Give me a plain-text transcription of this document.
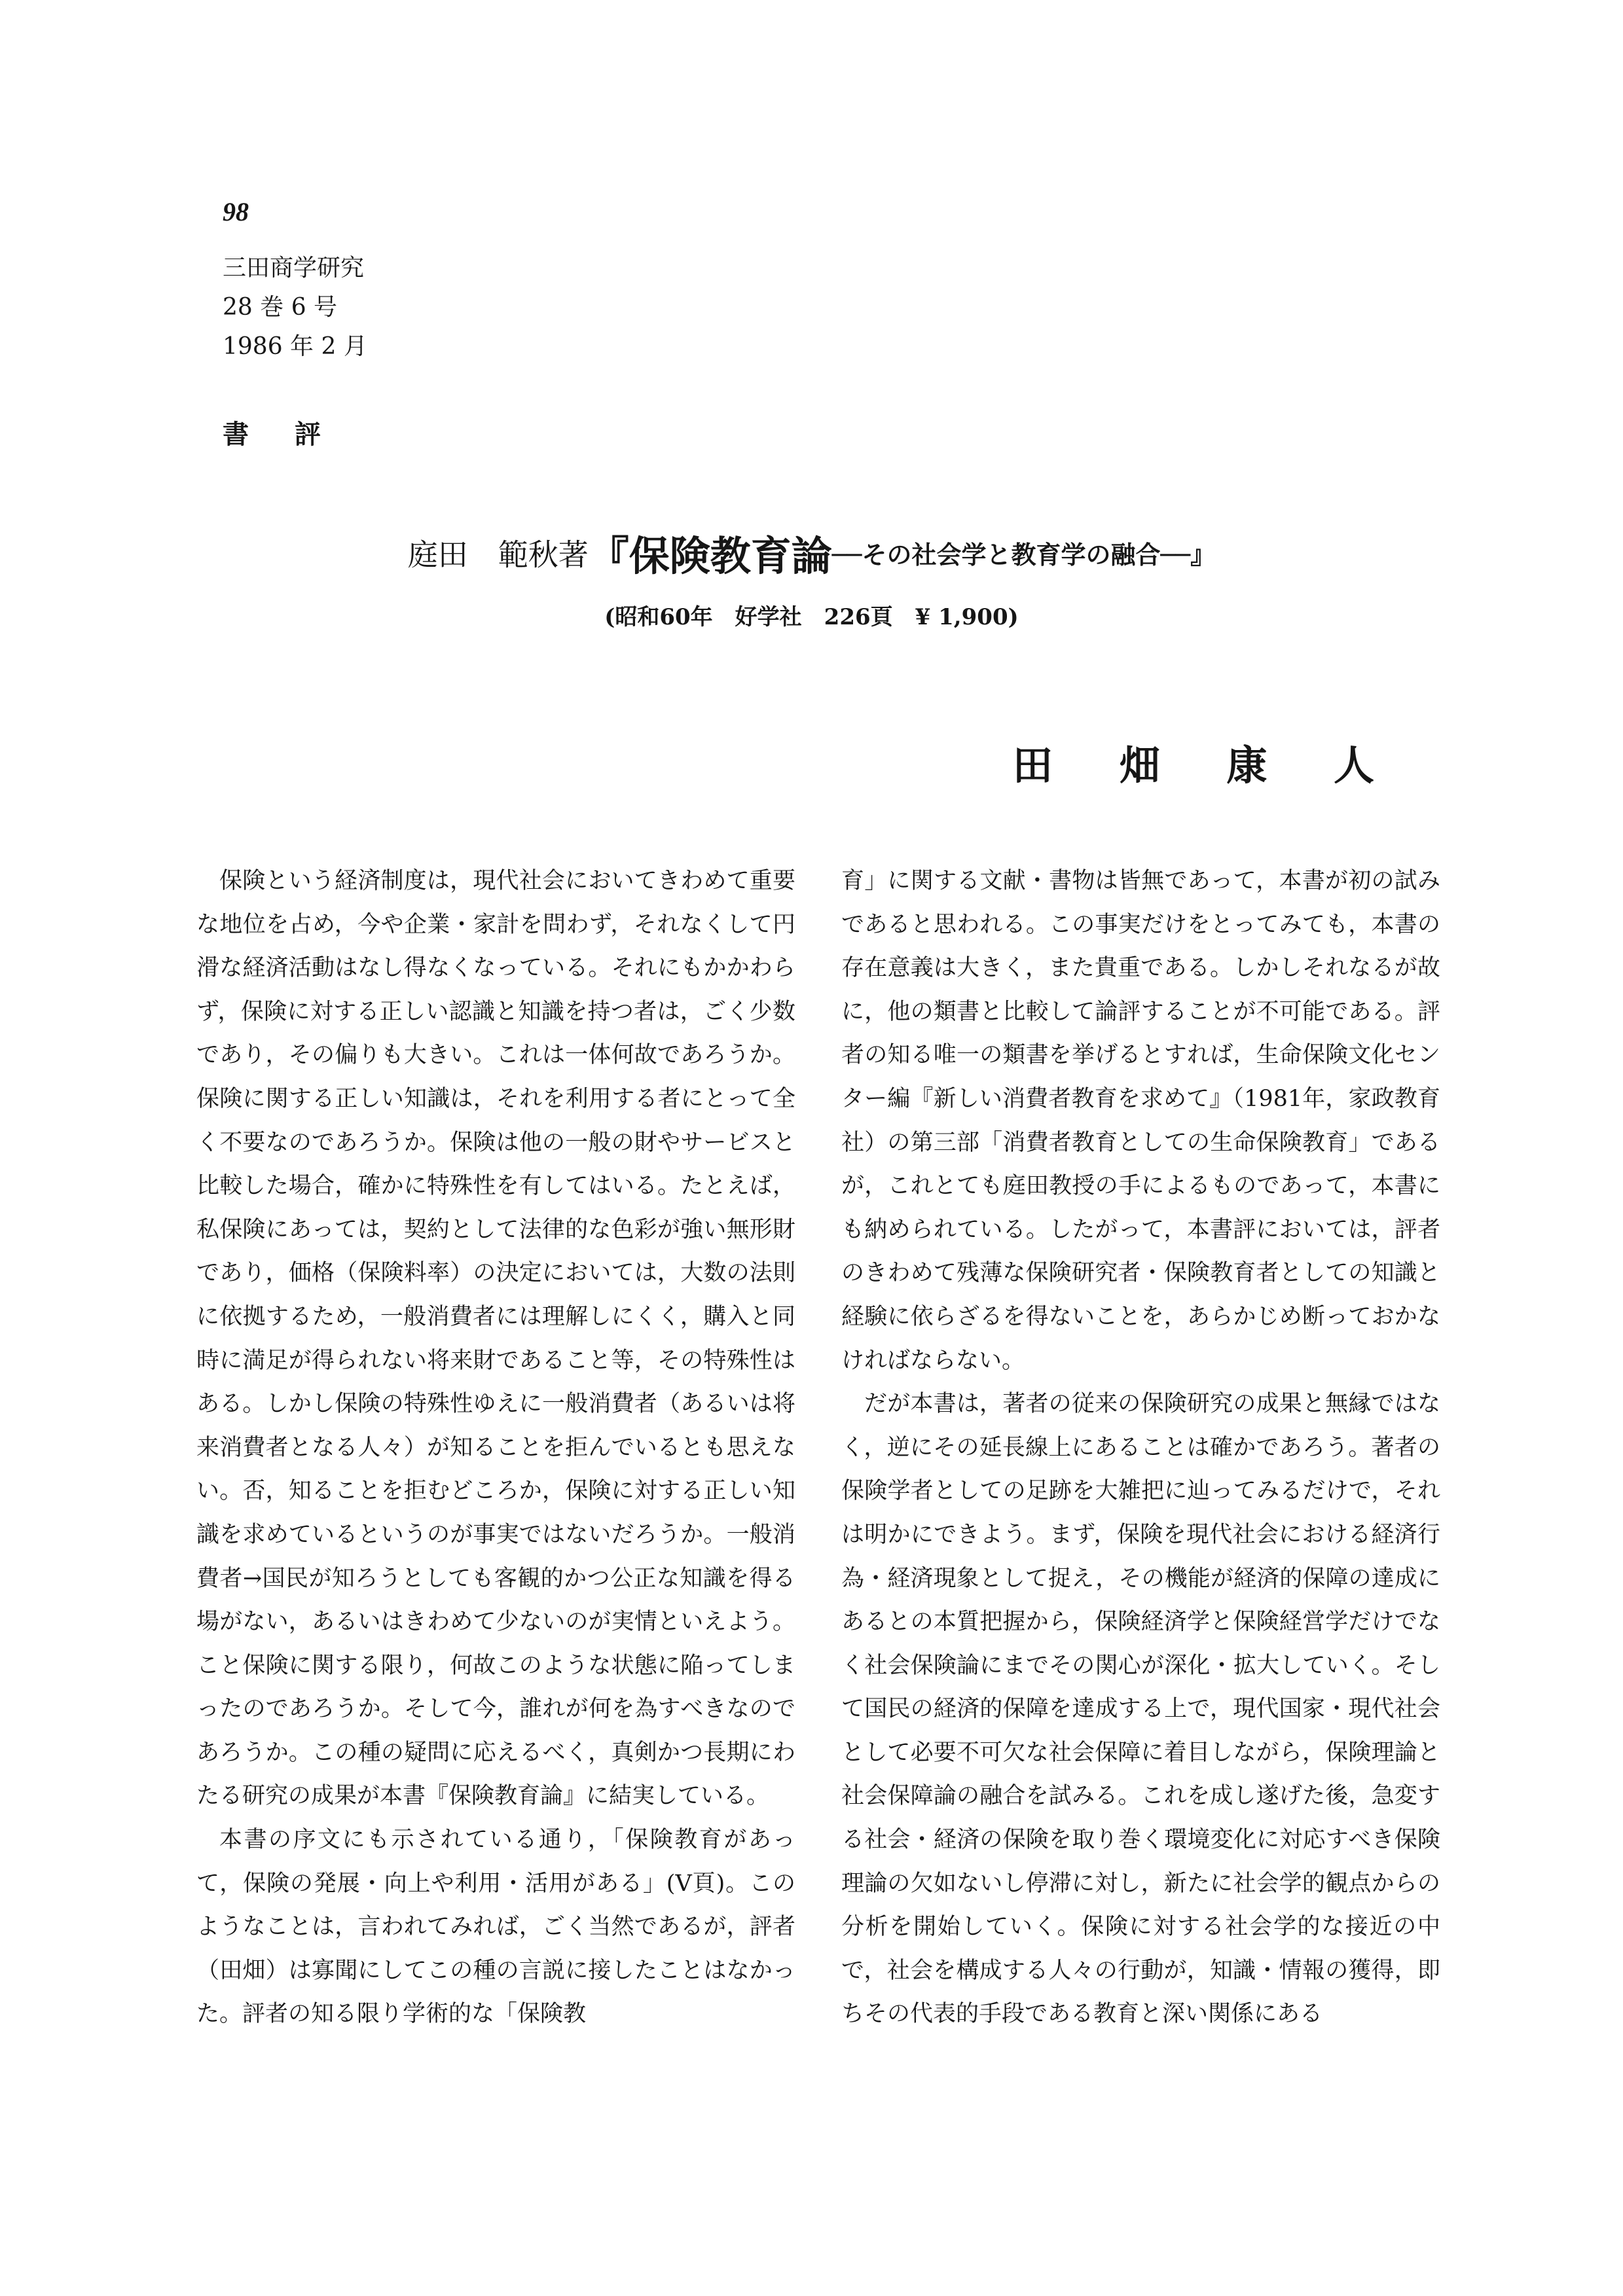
98
三田商学研究
28 巻 6 号
1986 年 2 月
書 評
庭田　範秋著『保険教育論──その社会学と教育学の融合──』
(昭和60年　好学社　226頁　¥ 1,900)
田 畑 康 人

保険という経済制度は，現代社会においてきわめて重要な地位を占め，今や企業・家計を問わず，それなくして円滑な経済活動はなし得なくなっている。それにもかかわらず，保険に対する正しい認識と知識を持つ者は，ごく少数であり，その偏りも大きい。これは一体何故であろうか。保険に関する正しい知識は，それを利用する者にとって全く不要なのであろうか。保険は他の一般の財やサービスと比較した場合，確かに特殊性を有してはいる。たとえば，私保険にあっては，契約として法律的な色彩が強い無形財であり，価格（保険料率）の決定においては，大数の法則に依拠するため，一般消費者には理解しにくく，購入と同時に満足が得られない将来財であること等，その特殊性はある。しかし保険の特殊性ゆえに一般消費者（あるいは将来消費者となる人々）が知ることを拒んでいるとも思えない。否，知ることを拒むどころか，保険に対する正しい知識を求めているというのが事実ではないだろうか。一般消費者→国民が知ろうとしても客観的かつ公正な知識を得る場がない，あるいはきわめて少ないのが実情といえよう。こと保険に関する限り，何故このような状態に陥ってしまったのであろうか。そして今，誰れが何を為すべきなのであろうか。この種の疑問に応えるべく，真剣かつ長期にわたる研究の成果が本書『保険教育論』に結実している。

本書の序文にも示されている通り，「保険教育があって，保険の発展・向上や利用・活用がある」(V頁)。このようなことは，言われてみれば，ごく当然であるが，評者（田畑）は寡聞にしてこの種の言説に接したことはなかった。評者の知る限り学術的な「保険教

育」に関する文献・書物は皆無であって，本書が初の試みであると思われる。この事実だけをとってみても，本書の存在意義は大きく，また貴重である。しかしそれなるが故に，他の類書と比較して論評することが不可能である。評者の知る唯一の類書を挙げるとすれば，生命保険文化センター編『新しい消費者教育を求めて』（1981年，家政教育社）の第三部「消費者教育としての生命保険教育」であるが，これとても庭田教授の手によるものであって，本書にも納められている。したがって，本書評においては，評者のきわめて残薄な保険研究者・保険教育者としての知識と経験に依らざるを得ないことを，あらかじめ断っておかなければならない。

だが本書は，著者の従来の保険研究の成果と無縁ではなく，逆にその延長線上にあることは確かであろう。著者の保険学者としての足跡を大雑把に辿ってみるだけで，それは明かにできよう。まず，保険を現代社会における経済行為・経済現象として捉え，その機能が経済的保障の達成にあるとの本質把握から，保険経済学と保険経営学だけでなく社会保険論にまでその関心が深化・拡大していく。そして国民の経済的保障を達成する上で，現代国家・現代社会として必要不可欠な社会保障に着目しながら，保険理論と社会保障論の融合を試みる。これを成し遂げた後，急変する社会・経済の保険を取り巻く環境変化に対応すべき保険理論の欠如ないし停滞に対し，新たに社会学的観点からの分析を開始していく。保険に対する社会学的な接近の中で，社会を構成する人々の行動が，知識・情報の獲得，即ちその代表的手段である教育と深い関係にある
